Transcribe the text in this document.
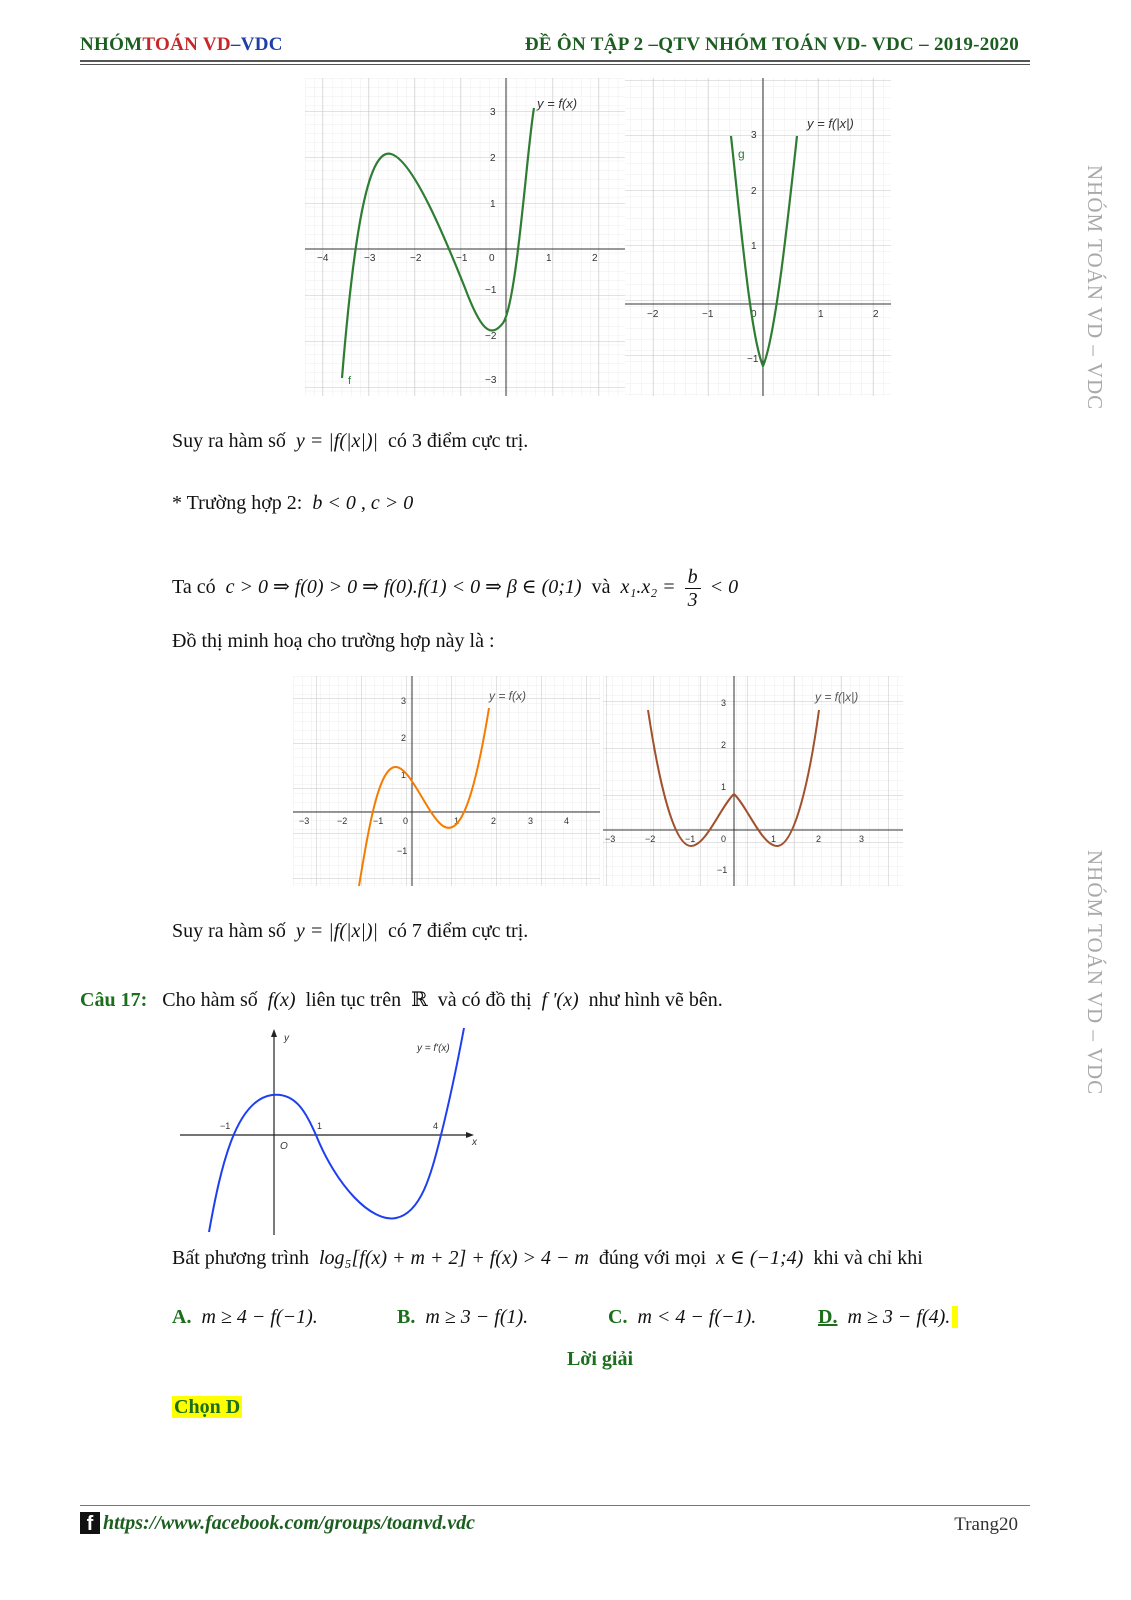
NHÓMTOÁN VD–VDC	ĐỀ ÔN TẬP 2 –QTV NHÓM TOÁN VD- VDC – 2019-2020
NHÓM TOÁN VD – VDC
NHÓM TOÁN VD – VDC
−4	−3	−2	−1 0	1	2
3
2
1
−1
−2
−3
y = f(x)
f
−2	−1	0	1	2
3
2
1
−1
y = f(|x|)
g
Suy ra hàm số y = |f(|x|)| có 3 điểm cực trị.
* Trường hợp 2: b < 0 , c > 0
Ta có c > 0 ⇒ f(0) > 0 ⇒ f(0).f(1) < 0 ⇒ β ∈ (0;1) và $x_1.x_2 = \frac{b}{3} < 0$
Đồ thị minh hoạ cho trường hợp này là :
−3	−2	−1 0	1	2	3	4
3
2
1
−1
y = f(x)
−3	−2	−1	0	1	2	3
3
2
1
−1
y = f(|x|)
Suy ra hàm số y = |f(|x|)| có 7 điểm cực trị.
Câu 17: Cho hàm số f(x) liên tục trên ℝ và có đồ thị f '(x) như hình vẽ bên.
y
x
O
−1	1	4
y = f'(x)
Bất phương trình log₅[f(x) + m + 2] + f(x) > 4 − m đúng với mọi x ∈ (−1;4) khi và chỉ khi
A. m ≥ 4 − f(−1).	B. m ≥ 3 − f(1).	C. m < 4 − f(−1).	D. m ≥ 3 − f(4).
Lời giải
Chọn D
f https://www.facebook.com/groups/toanvd.vdc	Trang20
